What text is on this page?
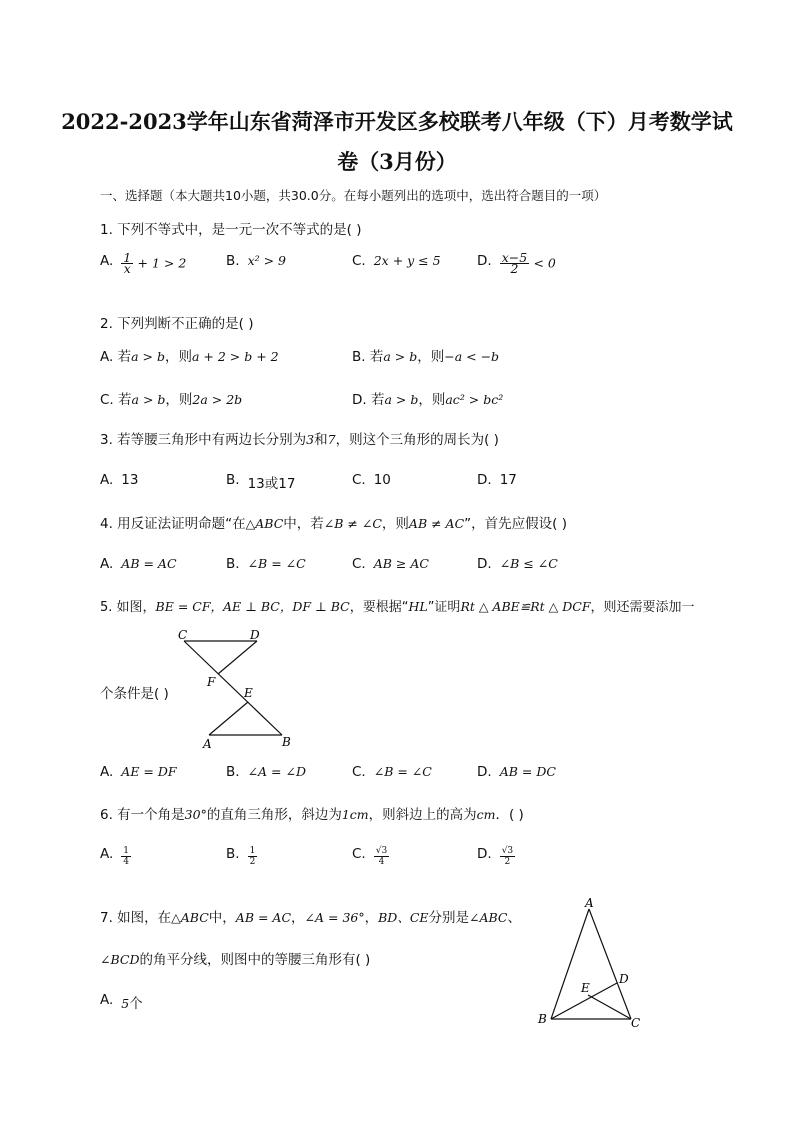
2022-2023学年山东省菏泽市开发区多校联考八年级（下）月考数学试
卷（3月份）
一、选择题（本大题共10小题，共30.0分。在每小题列出的选项中，选出符合题目的一项）
1. 下列不等式中，是一元一次不等式的是( )
A. $\frac{1}{x} + 1 > 2$	B. x² > 9	C. 2x + y ≤ 5	D. $\frac{x-5}{2} < 0$
2. 下列判断不正确的是( )
A. 若a > b，则a + 2 > b + 2	B. 若a > b，则−a < −b
C. 若a > b，则2a > 2b	D. 若a > b，则ac² > bc²
3. 若等腰三角形中有两边长分别为3和7，则这个三角形的周长为( )
A. 13	B. 13或17	C. 10	D. 17
4. 用反证法证明命题“在△ABC中，若∠B ≠ ∠C，则AB ≠ AC”，首先应假设( )
A. AB = AC	B. ∠B = ∠C	C. AB ≥ AC	D. ∠B ≤ ∠C
5. 如图，BE = CF，AE ⊥ BC，DF ⊥ BC，要根据“HL”证明Rt △ ABE≌Rt △ DCF，则还需要添加一
C	D
F
E
A	B
个条件是( )
A. AE = DF	B. ∠A = ∠D	C. ∠B = ∠C	D. AB = DC
6. 有一个角是30°的直角三角形，斜边为1cm，则斜边上的高为cm．( )
A. $\frac{1}{4}$	B. $\frac{1}{2}$	C. $\frac{√3}{4}$	D. $\frac{√3}{2}$
7. 如图，在△ABC中，AB = AC，∠A = 36°，BD、CE分别是∠ABC、
∠BCD的角平分线，则图中的等腰三角形有( )
A. 5个
A
B	C
D
E
